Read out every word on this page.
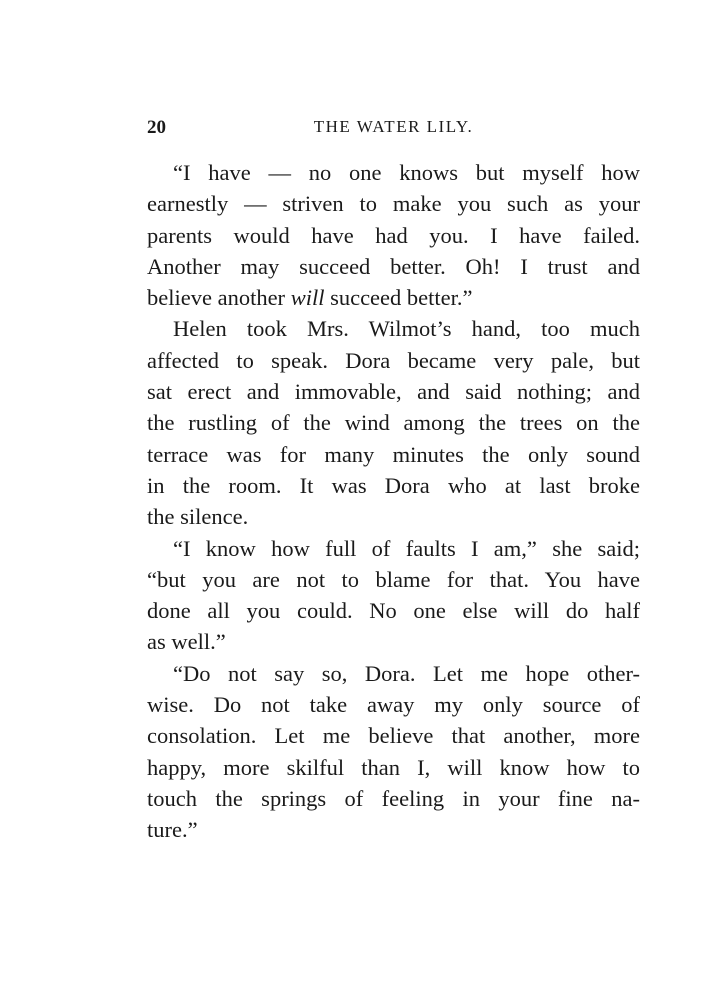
20	THE WATER LILY.
“I have — no one knows but myself how
earnestly — striven to make you such as your
parents would have had you. I have failed.
Another may succeed better. Oh! I trust and
believe another will succeed better.”
Helen took Mrs. Wilmot’s hand, too much
affected to speak. Dora became very pale, but
sat erect and immovable, and said nothing; and
the rustling of the wind among the trees on the
terrace was for many minutes the only sound
in the room. It was Dora who at last broke
the silence.
“I know how full of faults I am,” she said;
“but you are not to blame for that. You have
done all you could. No one else will do half
as well.”
“Do not say so, Dora. Let me hope other-
wise. Do not take away my only source of
consolation. Let me believe that another, more
happy, more skilful than I, will know how to
touch the springs of feeling in your fine na-
ture.”
